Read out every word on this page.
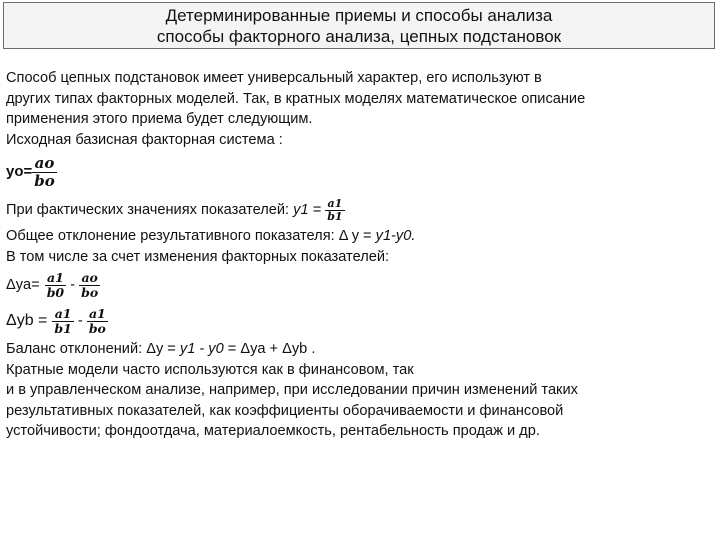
Детерминированные приемы и способы анализа
способы факторного анализа, цепных подстановок
Способ цепных подстановок имеет универсальный характер, его используют в
других типах факторных моделей. Так, в кратных моделях математическое описание
применения этого приема будет следующим.
Исходная базисная факторная система :
$yo= \frac{ao}{bo}$
При фактических значениях показателей: $y1 = \frac{а1}{b1}$
Общее отклонение результативного показателя: Δ у = у1-у0.
В том числе за счет изменения факторных показателей:
$\Delta ya= \frac{а1}{b0} - \frac{ao}{bo}$
$\Delta yb = \frac{а1}{b1} - \frac{а1}{bo}$
Баланс отклонений: Δу = y1 - y0 = Δya + Δyb .
Кратные модели часто используются как в финансовом, так
и в управленческом анализе, например, при исследовании причин изменений таких
результативных показателей, как коэффициенты оборачиваемости и финансовой
устойчивости; фондоотдача, материалоемкость, рентабельность продаж и др.
